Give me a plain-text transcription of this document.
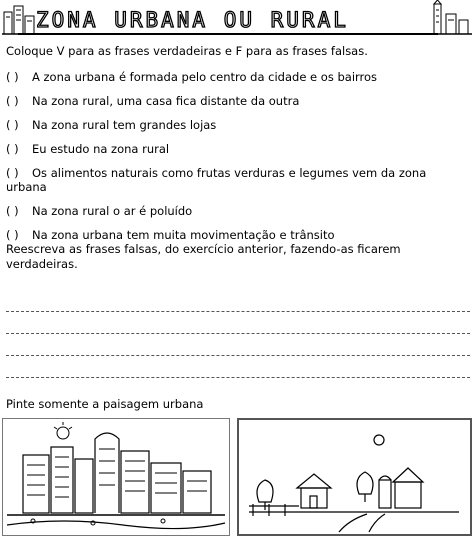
ZONA URBANA OU RURAL
Coloque V para as frases verdadeiras e F para as frases falsas.
( ) A zona urbana é formada pelo centro da cidade e os bairros
( ) Na zona rural, uma casa fica distante da outra
( ) Na zona rural tem grandes lojas
( ) Eu estudo na zona rural
( ) Os alimentos naturais como frutas verduras e legumes vem da zona urbana
( ) Na zona rural o ar é poluído
( ) Na zona urbana tem muita movimentação e trânsito
Reescreva as frases falsas, do exercício anterior, fazendo-as ficarem verdadeiras.
Pinte somente a paisagem urbana
